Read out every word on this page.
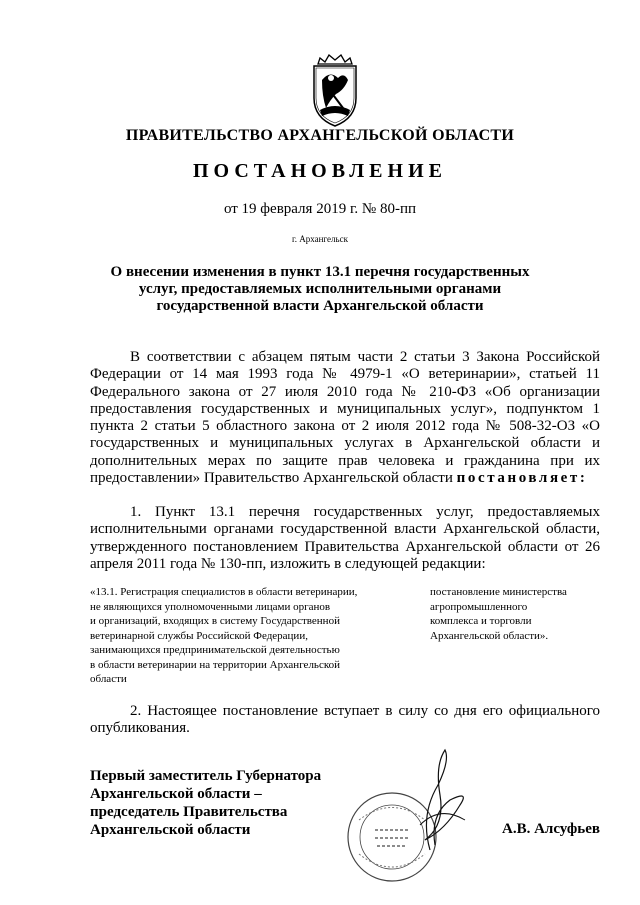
ПРАВИТЕЛЬСТВО АРХАНГЕЛЬСКОЙ ОБЛАСТИ
ПОСТАНОВЛЕНИЕ
от 19 февраля 2019 г. № 80-пп
г. Архангельск
О внесении изменения в пункт 13.1 перечня государственных
услуг, предоставляемых исполнительными органами
государственной власти Архангельской области
В соответствии с абзацем пятым части 2 статьи 3 Закона Российской Федерации от 14 мая 1993 года № 4979-1 «О ветеринарии», статьей 11 Федерального закона от 27 июля 2010 года № 210-ФЗ «Об организации предоставления государственных и муниципальных услуг», подпунктом 1 пункта 2 статьи 5 областного закона от 2 июля 2012 года № 508-32-ОЗ «О государственных и муниципальных услугах в Архангельской области и дополнительных мерах по защите прав человека и гражданина при их предоставлении» Правительство Архангельской области постановляет:
1. Пункт 13.1 перечня государственных услуг, предоставляемых исполнительными органами государственной власти Архангельской области, утвержденного постановлением Правительства Архангельской области от 26 апреля 2011 года № 130-пп, изложить в следующей редакции:
«13.1. Регистрация специалистов в области ветеринарии,
не являющихся уполномоченными лицами органов
и организаций, входящих в систему Государственной
ветеринарной службы Российской Федерации,
занимающихся предпринимательской деятельностью
в области ветеринарии на территории Архангельской
области
постановление министерства
агропромышленного
комплекса и торговли
Архангельской области».
2. Настоящее постановление вступает в силу со дня его официального опубликования.
Первый заместитель Губернатора
Архангельской области –
председатель Правительства
Архангельской области	А.В. Алсуфьев
